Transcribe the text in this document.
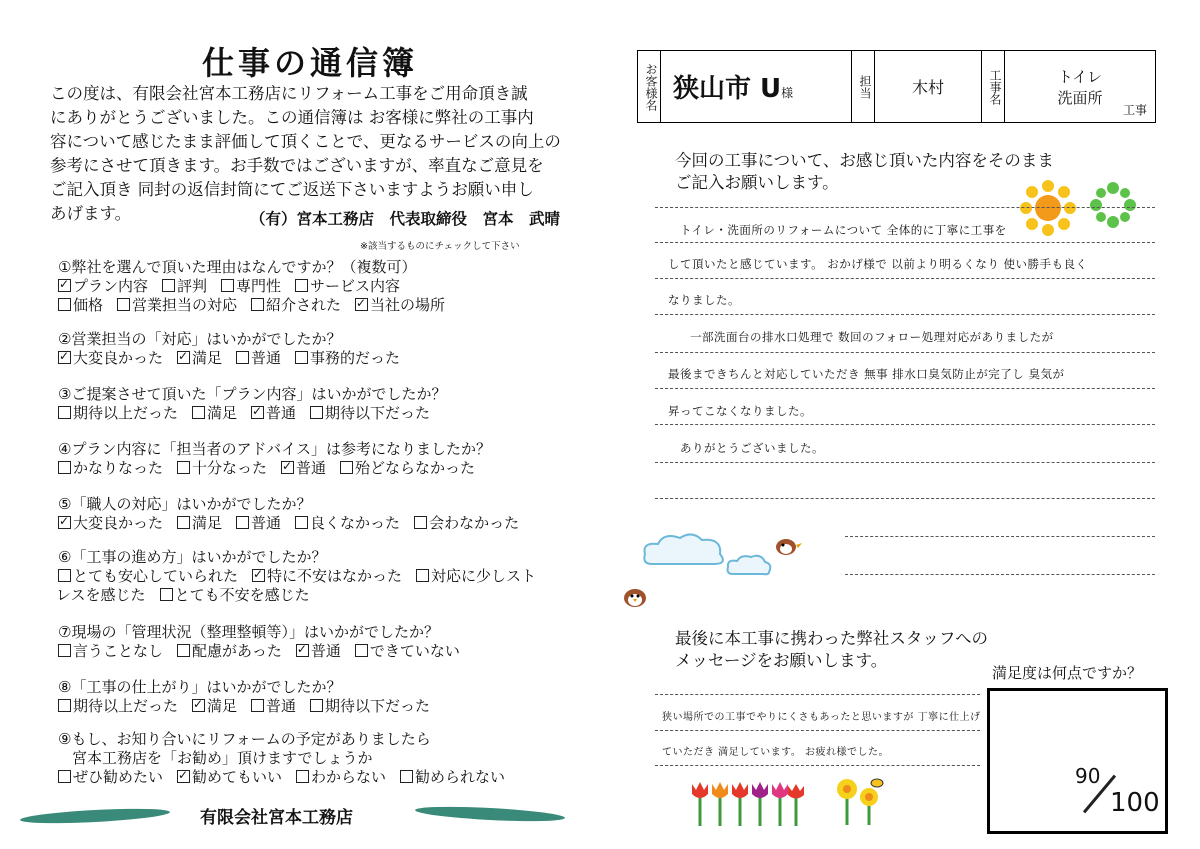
仕事の通信簿
この度は、有限会社宮本工務店にリフォーム工事をご用命頂き誠
にありがとうございました。この通信簿は お客様に弊社の工事内
容について感じたまま評価して頂くことで、更なるサービスの向上の
参考にさせて頂きます。お手数ではございますが、率直なご意見を
ご記入頂き 同封の返信封筒にてご返送下さいますようお願い申し
あげます。	（有）宮本工務店　代表取締役　宮本　武晴
※該当するものにチェックして下さい
①弊社を選んで頂いた理由はなんですか？（複数可）
✓プラン内容 評判 専門性 サービス内容
価格 営業担当の対応 紹介された ✓ 当社の場所
②営業担当の「対応」はいかがでしたか？
✓大変良かった ✓ 満足 普通 事務的だった
③ご提案させて頂いた「プラン内容」はいかがでしたか？
期待以上だった 満足 ✓ 普通 期待以下だった
④プラン内容に「担当者のアドバイス」は参考になりましたか？
かなりなった 十分なった ✓ 普通 殆どならなかった
⑤「職人の対応」はいかがでしたか？
✓大変良かった 満足 普通 良くなかった 会わなかった
⑥「工事の進め方」はいかがでしたか？
とても安心していられた ✓ 特に不安はなかった 対応に少しスト
レスを感じた とても不安を感じた
⑦現場の「管理状況（整理整頓等）」はいかがでしたか？
言うことなし 配慮があった ✓ 普通 できていない
⑧「工事の仕上がり」はいかがでしたか？
期待以上だった ✓ 満足 普通 期待以下だった
⑨もし、お知り合いにリフォームの予定がありましたら
宮本工務店を「お勧め」頂けますでしょうか
ぜひ勧めたい ✓ 勧めてもいい わからない 勧められない
有限会社宮本工務店
お客様名	狭山市 U様	担当	木村	工事名	トイレ
洗面所
工事
今回の工事について、お感じ頂いた内容をそのまま
ご記入お願いします。
トイレ・洗面所のリフォームについて 全体的に丁寧に工事を
して頂いたと感じています。 おかげ様で 以前より明るくなり 使い勝手も良く
なりました。
一部洗面台の排水口処理で 数回のフォロー処理対応がありましたが
最後まできちんと対応していただき 無事 排水口臭気防止が完了し 臭気が
昇ってこなくなりました。
ありがとうございました。
最後に本工事に携わった弊社スタッフへの
メッセージをお願いします。
狭い場所での工事でやりにくさもあったと思いますが 丁寧に仕上げ
ていただき 満足しています。 お疲れ様でした。
満足度は何点ですか？
90
100
